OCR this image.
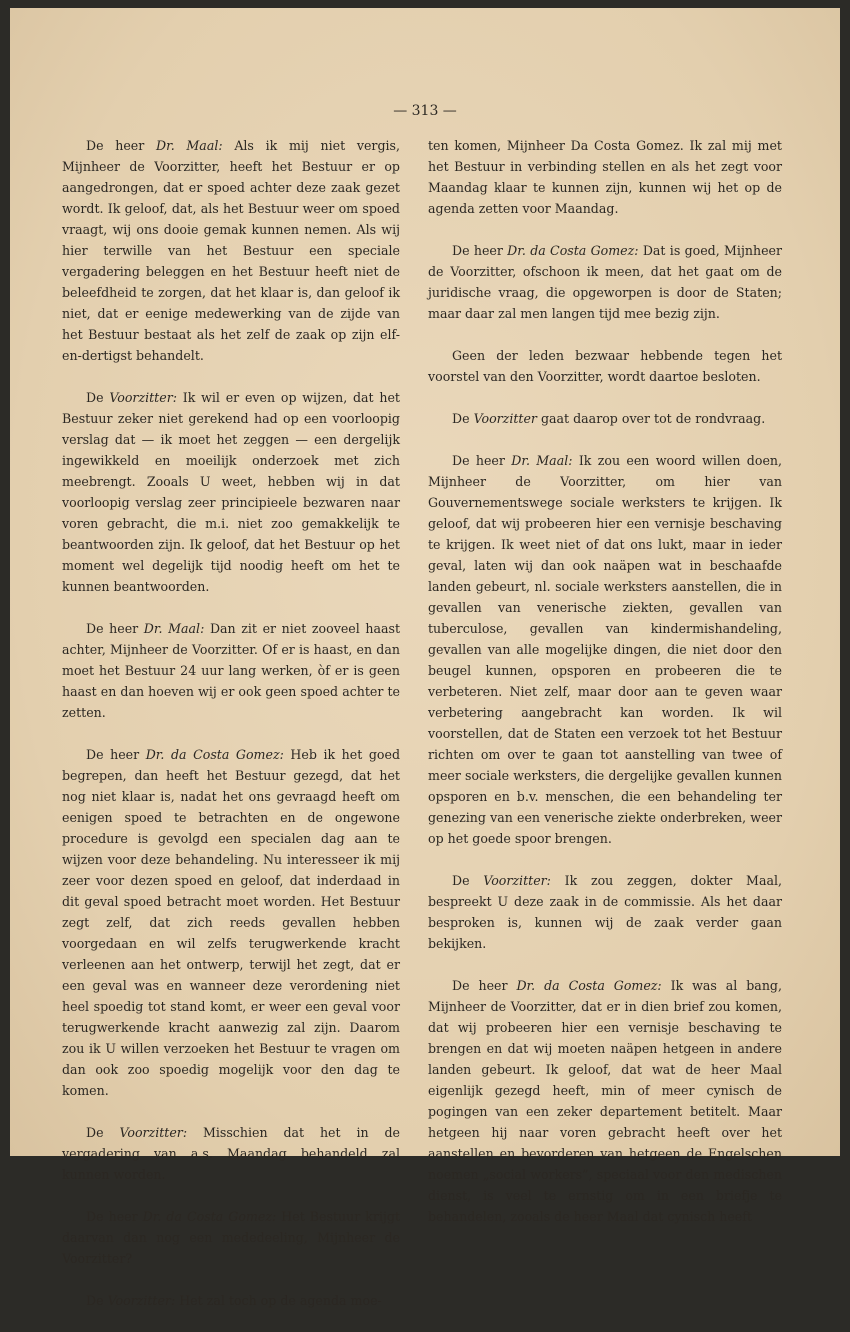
— 313 —

De heer Dr. Maal: Als ik mij niet vergis, Mijnheer de Voorzitter, heeft het Bestuur er op aangedrongen, dat er spoed achter deze zaak gezet wordt. Ik geloof, dat, als het Bestuur weer om spoed vraagt, wij ons dooie gemak kunnen nemen. Als wij hier terwille van het Bestuur een speciale vergadering beleggen en het Bestuur heeft niet de beleefdheid te zorgen, dat het klaar is, dan geloof ik niet, dat er eenige medewerking van de zijde van het Bestuur bestaat als het zelf de zaak op zijn elf-en-dertigst behandelt.

De Voorzitter: Ik wil er even op wijzen, dat het Bestuur zeker niet gerekend had op een voorloopig verslag dat — ik moet het zeggen — een dergelijk ingewikkeld en moeilijk onderzoek met zich meebrengt. Zooals U weet, hebben wij in dat voorloopig verslag zeer principieele bezwaren naar voren gebracht, die m.i. niet zoo gemakkelijk te beantwoorden zijn. Ik geloof, dat het Bestuur op het moment wel degelijk tijd noodig heeft om het te kunnen beantwoorden.

De heer Dr. Maal: Dan zit er niet zooveel haast achter, Mijnheer de Voorzitter. Of er is haast, en dan moet het Bestuur 24 uur lang werken, òf er is geen haast en dan hoeven wij er ook geen spoed achter te zetten.

De heer Dr. da Costa Gomez: Heb ik het goed begrepen, dan heeft het Bestuur gezegd, dat het nog niet klaar is, nadat het ons gevraagd heeft om eenigen spoed te betrachten en de ongewone procedure is gevolgd een specialen dag aan te wijzen voor deze behandeling. Nu interesseer ik mij zeer voor dezen spoed en geloof, dat inderdaad in dit geval spoed betracht moet worden. Het Bestuur zegt zelf, dat zich reeds gevallen hebben voorgedaan en wil zelfs terugwerkende kracht verleenen aan het ontwerp, terwijl het zegt, dat er een geval was en wanneer deze verordening niet heel spoedig tot stand komt, er weer een geval voor terugwerkende kracht aanwezig zal zijn. Daarom zou ik U willen verzoeken het Bestuur te vragen om dan ook zoo spoedig mogelijk voor den dag te komen.

De Voorzitter: Misschien dat het in de vergadering van a.s. Maandag behandeld zal kunnen worden.

De heer Dr. da Costa Gomez: Het Bestuur krijgt daarvan dan nog een mededeeling, Mijnheer de Voorzitter?

De Voorzitter: Het zal toch op de agenda moe-

ten komen, Mijnheer Da Costa Gomez. Ik zal mij met het Bestuur in verbinding stellen en als het zegt voor Maandag klaar te kunnen zijn, kunnen wij het op de agenda zetten voor Maandag.

De heer Dr. da Costa Gomez: Dat is goed, Mijnheer de Voorzitter, ofschoon ik meen, dat het gaat om de juridische vraag, die opgeworpen is door de Staten; maar daar zal men langen tijd mee bezig zijn.

Geen der leden bezwaar hebbende tegen het voorstel van den Voorzitter, wordt daartoe besloten.

De Voorzitter gaat daarop over tot de rondvraag.

De heer Dr. Maal: Ik zou een woord willen doen, Mijnheer de Voorzitter, om hier van Gouvernementswege sociale werksters te krijgen. Ik geloof, dat wij probeeren hier een vernisje beschaving te krijgen. Ik weet niet of dat ons lukt, maar in ieder geval, laten wij dan ook naäpen wat in beschaafde landen gebeurt, nl. sociale werksters aanstellen, die in gevallen van venerische ziekten, gevallen van tuberculose, gevallen van kindermishandeling, gevallen van alle mogelijke dingen, die niet door den beugel kunnen, opsporen en probeeren die te verbeteren. Niet zelf, maar door aan te geven waar verbetering aangebracht kan worden. Ik wil voorstellen, dat de Staten een verzoek tot het Bestuur richten om over te gaan tot aanstelling van twee of meer sociale werksters, die dergelijke gevallen kunnen opsporen en b.v. menschen, die een behandeling ter genezing van een venerische ziekte onderbreken, weer op het goede spoor brengen.

De Voorzitter: Ik zou zeggen, dokter Maal, bespreekt U deze zaak in de commissie. Als het daar besproken is, kunnen wij de zaak verder gaan bekijken.

De heer Dr. da Costa Gomez: Ik was al bang, Mijnheer de Voorzitter, dat er in dien brief zou komen, dat wij probeeren hier een vernisje beschaving te brengen en dat wij moeten naäpen hetgeen in andere landen gebeurt. Ik geloof, dat wat de heer Maal eigenlijk gezegd heeft, min of meer cynisch de pogingen van een zeker departement betitelt. Maar hetgeen hij naar voren gebracht heeft over het aanstellen en bevorderen van hetgeen de Engelschen noemen „social workers”, speciaal voor den medischen dienst, is veel te ernstig om in een briefje te behandelen, zooals de heer Maal dat cynisch heeft
